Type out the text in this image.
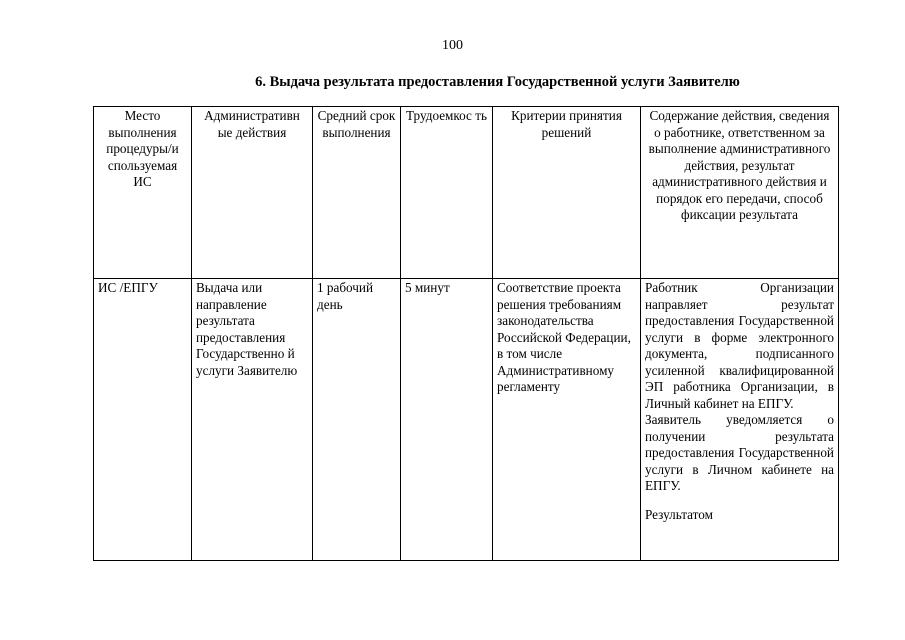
100
6. Выдача результата предоставления Государственной услуги Заявителю
Место выполнения процедуры/и спользуемая ИС	Административн ые действия	Средний срок выполнения	Трудоемкос ть	Критерии принятия решений	Содержание действия, сведения о работнике, ответственном за выполнение административного действия, результат административного действия и порядок его передачи, способ фиксации результата
ИС /ЕПГУ	Выдача или направление результата предоставления Государственно й услуги Заявителю	1 рабочий день	5 минут	Соответствие проекта решения требованиям законодательства Российской Федерации, в том числе Административному регламенту	Работник Организации направляет результат предоставления Государственной услуги в форме электронного документа, подписанного усиленной квалифицированной ЭП работника Организации, в Личный кабинет на ЕПГУ.
Заявитель уведомляется о получении результата предоставления Государственной услуги в Личном кабинете на ЕПГУ.
Результатом
